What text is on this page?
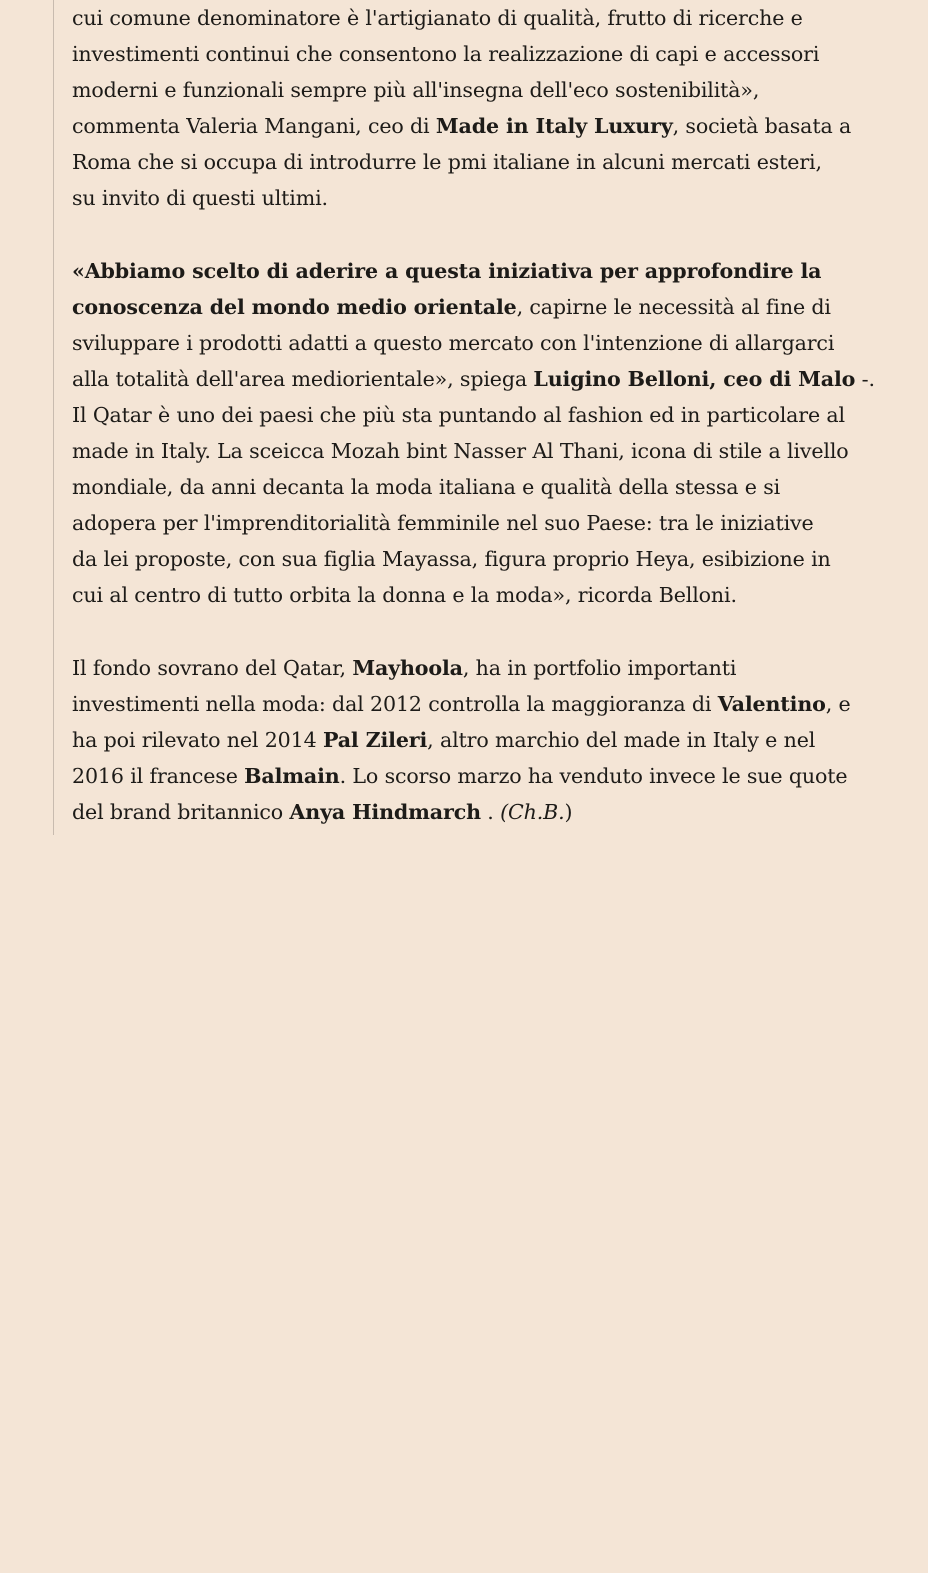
cui comune denominatore è l'artigianato di qualità, frutto di ricerche e
investimenti continui che consentono la realizzazione di capi e accessori
moderni e funzionali sempre più all'insegna dell'eco sostenibilità»,
commenta Valeria Mangani, ceo di Made in Italy Luxury, società basata a
Roma che si occupa di introdurre le pmi italiane in alcuni mercati esteri,
su invito di questi ultimi.

«Abbiamo scelto di aderire a questa iniziativa per approfondire la
conoscenza del mondo medio orientale, capirne le necessità al fine di
sviluppare i prodotti adatti a questo mercato con l'intenzione di allargarci
alla totalità dell'area mediorientale», spiega Luigino Belloni, ceo di Malo -.
Il Qatar è uno dei paesi che più sta puntando al fashion ed in particolare al
made in Italy. La sceicca Mozah bint Nasser Al Thani, icona di stile a livello
mondiale, da anni decanta la moda italiana e qualità della stessa e si
adopera per l'imprenditorialità femminile nel suo Paese: tra le iniziative
da lei proposte, con sua figlia Mayassa, figura proprio Heya, esibizione in
cui al centro di tutto orbita la donna e la moda», ricorda Belloni.

Il fondo sovrano del Qatar, Mayhoola, ha in portfolio importanti
investimenti nella moda: dal 2012 controlla la maggioranza di Valentino, e
ha poi rilevato nel 2014 Pal Zileri, altro marchio del made in Italy e nel
2016 il francese Balmain. Lo scorso marzo ha venduto invece le sue quote
del brand britannico Anya Hindmarch . (Ch.B.)
